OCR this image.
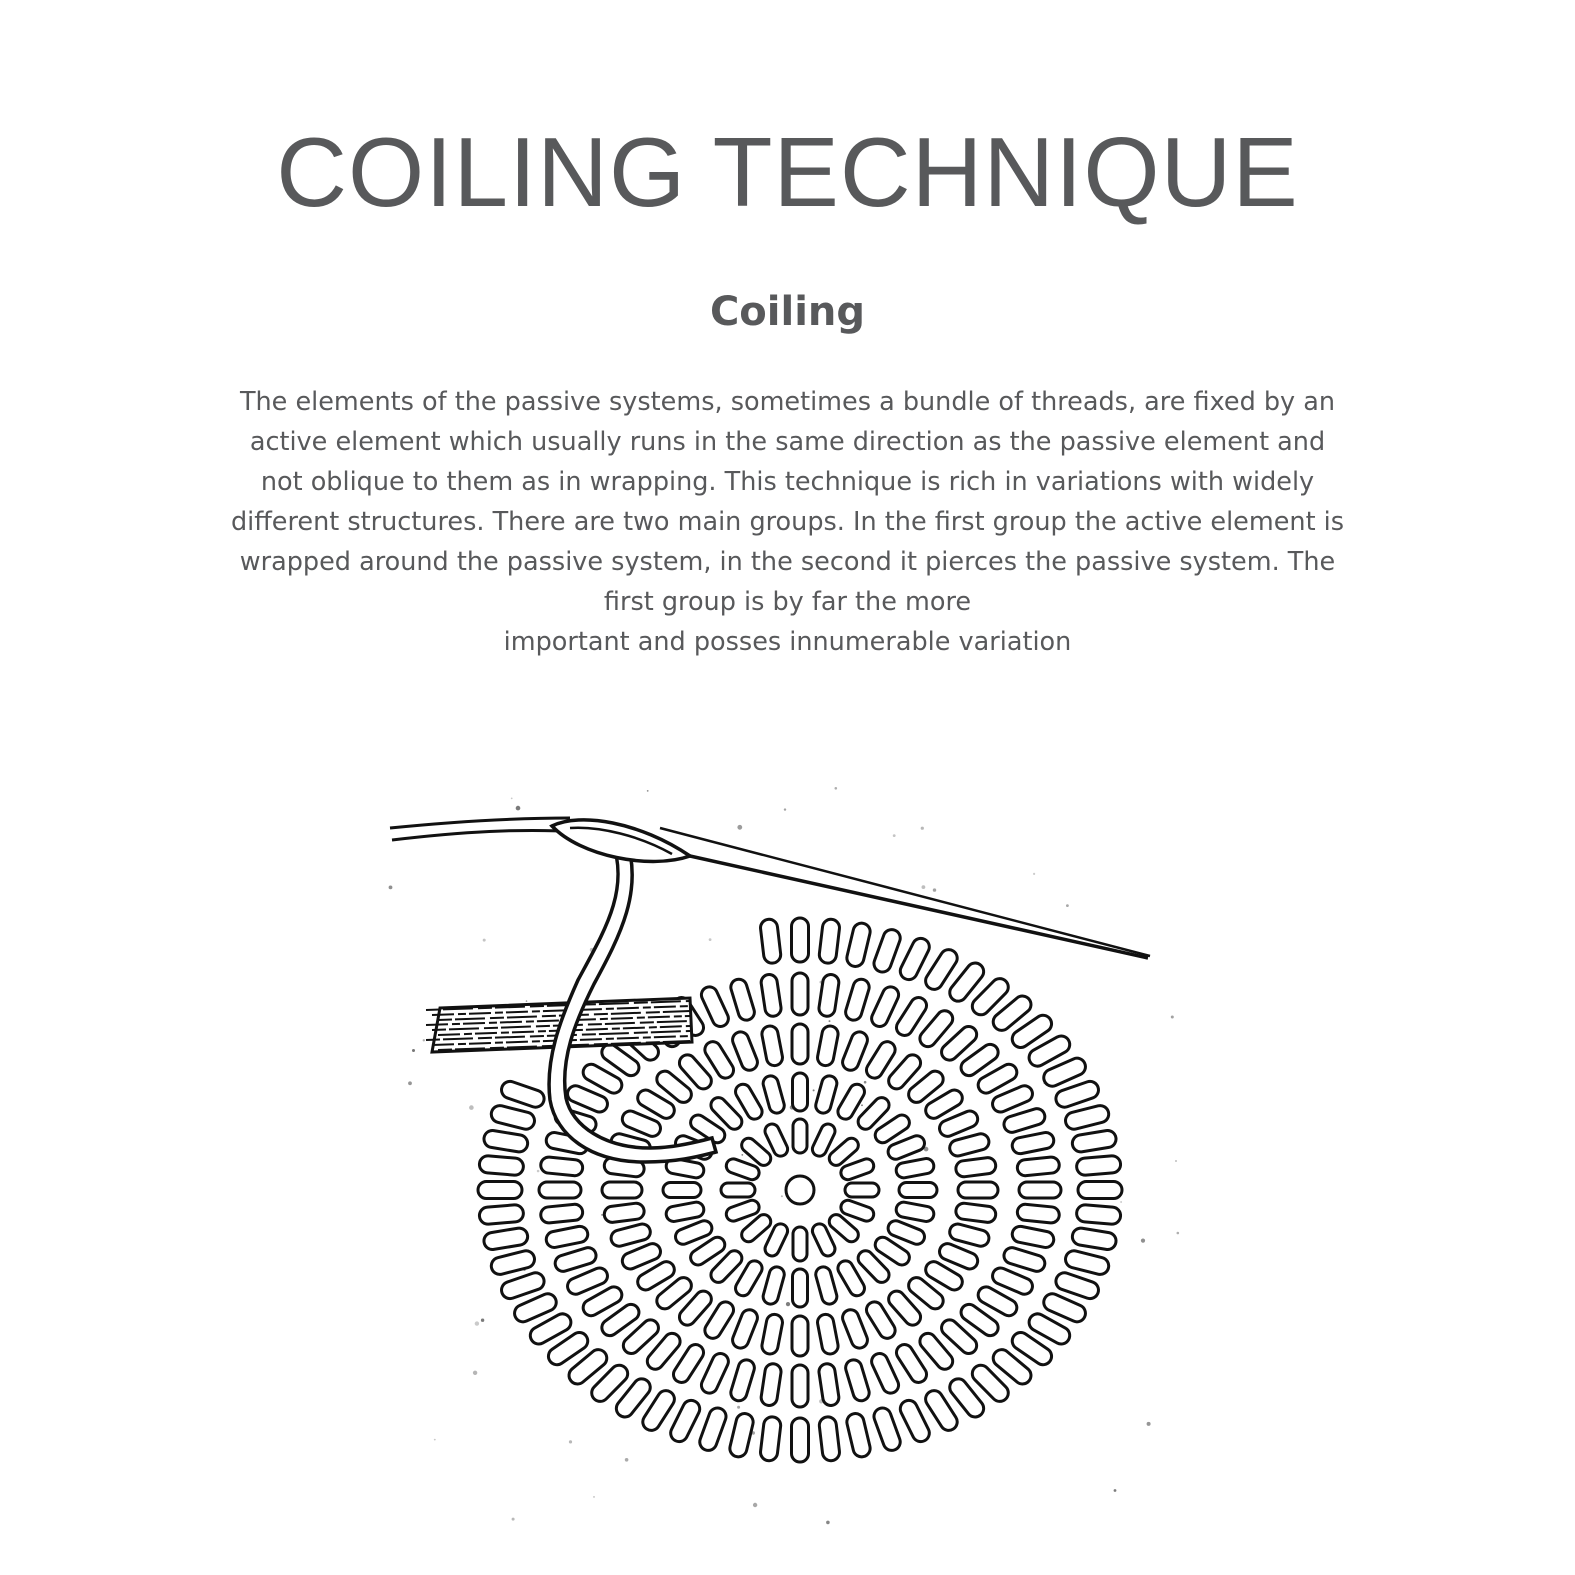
COILING TECHNIQUE
Coiling
The elements of the passive systems, sometimes a bundle of threads, are fixed by an
active element which usually runs in the same direction as the passive element and
not oblique to them as in wrapping. This technique is rich in variations with widely
different structures. There are two main groups. In the first group the active element is
wrapped around the passive system, in the second it pierces the passive system. The
first group is by far the more
important and posses innumerable variation
